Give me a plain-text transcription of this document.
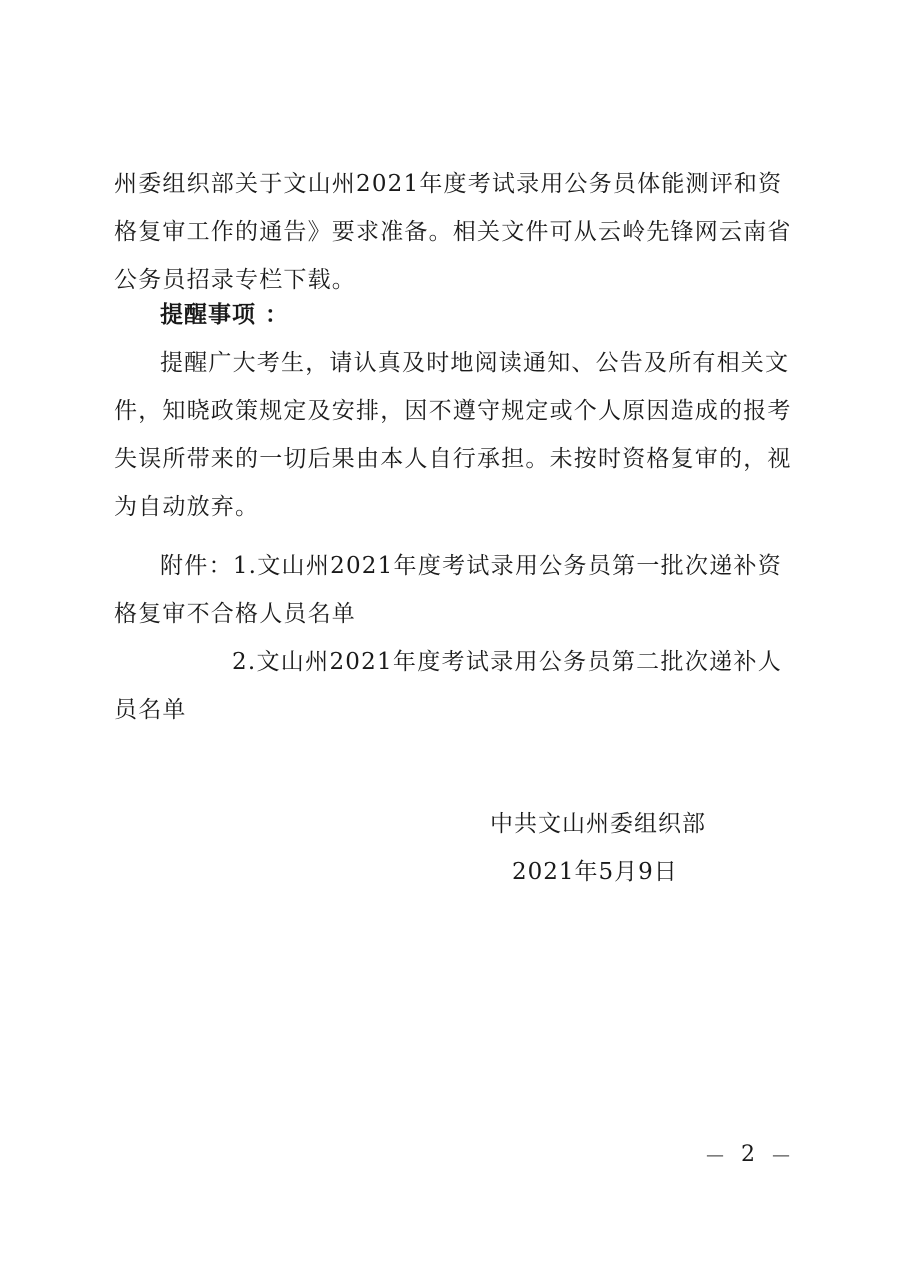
州委组织部关于文山州2021年度考试录用公务员体能测评和资
格复审工作的通告》要求准备。相关文件可从云岭先锋网云南省
公务员招录专栏下载。
提醒事项 ：
提醒广大考生，请认真及时地阅读通知、公告及所有相关文
件，知晓政策规定及安排，因不遵守规定或个人原因造成的报考
失误所带来的一切后果由本人自行承担。未按时资格复审的，视
为自动放弃。
附件：1.文山州2021年度考试录用公务员第一批次递补资
格复审不合格人员名单
2.文山州2021年度考试录用公务员第二批次递补人
员名单
中共文山州委组织部
2021年5月9日
— 2 —
